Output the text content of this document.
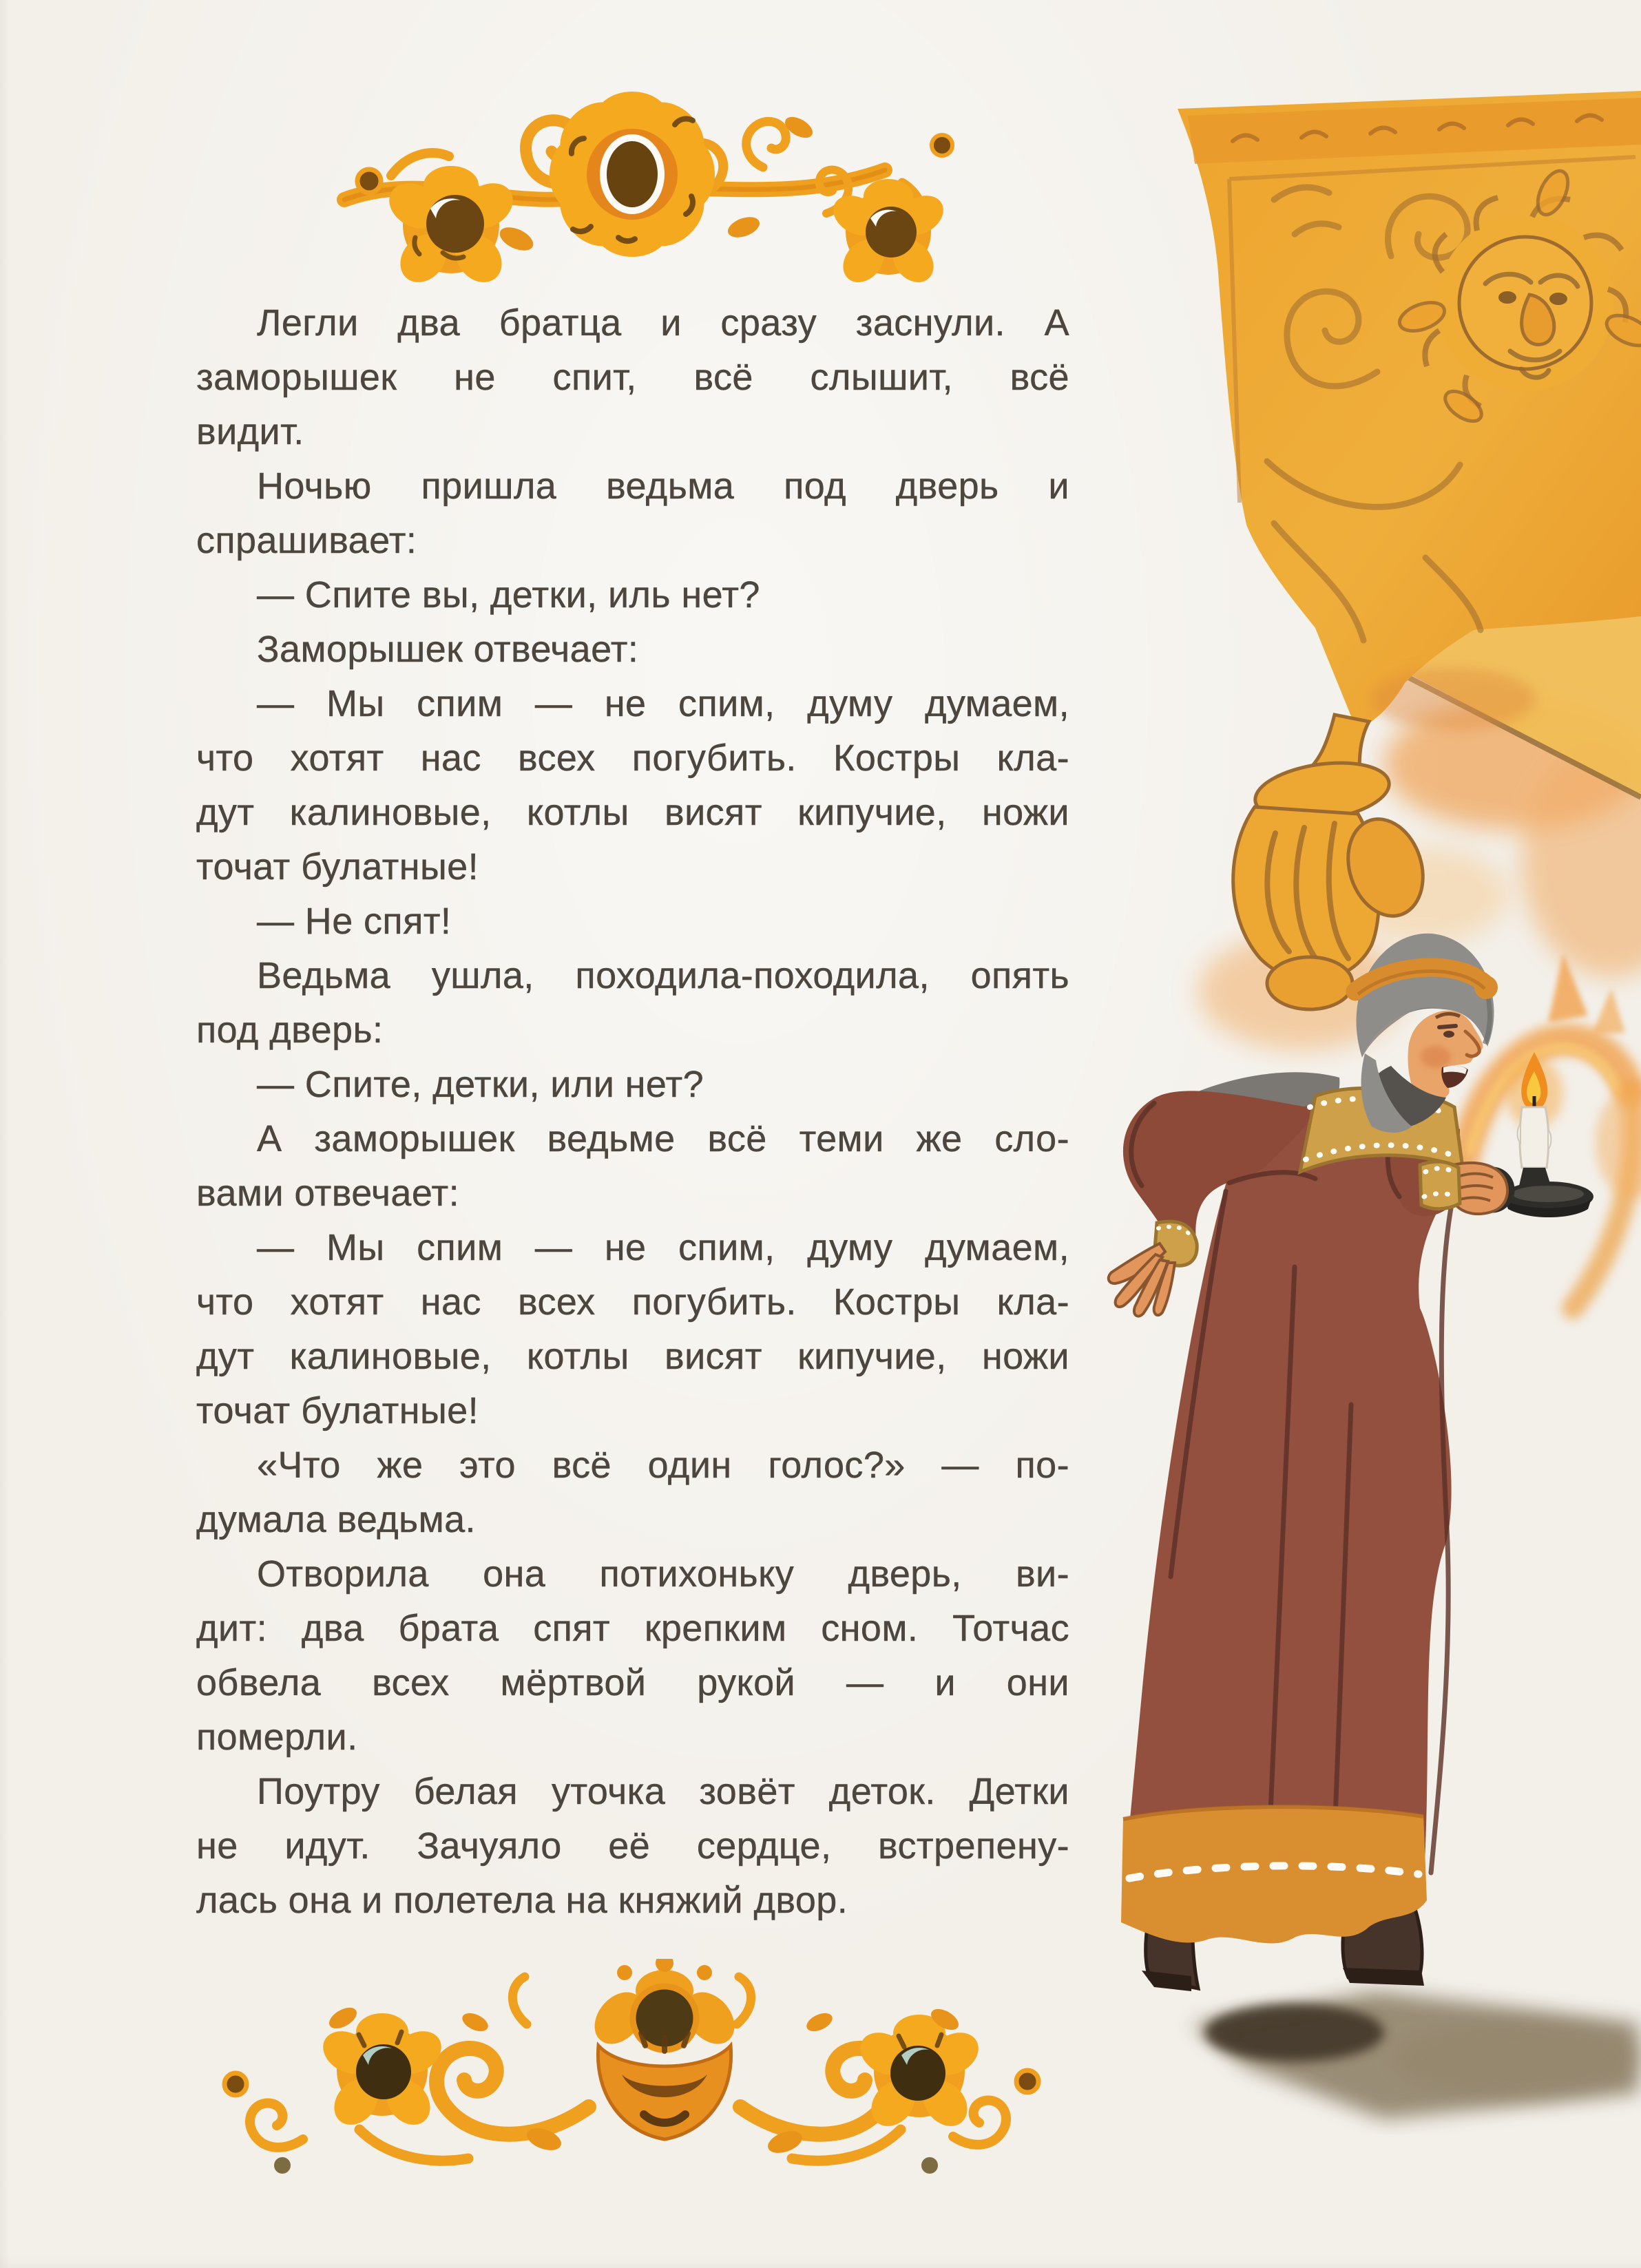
Легли два братца и сразу заснули. А
заморышек не спит, всё слышит, всё
видит.
Ночью пришла ведьма под дверь и
спрашивает:
— Спите вы, детки, иль нет?
Заморышек отвечает:
— Мы спим — не спим, думу думаем,
что хотят нас всех погубить. Костры кла-
дут калиновые, котлы висят кипучие, ножи
точат булатные!
— Не спят!
Ведьма ушла, походила-походила, опять
под дверь:
— Спите, детки, или нет?
А заморышек ведьме всё теми же сло-
вами отвечает:
— Мы спим — не спим, думу думаем,
что хотят нас всех погубить. Костры кла-
дут калиновые, котлы висят кипучие, ножи
точат булатные!
«Что же это всё один голос?» — по-
думала ведьма.
Отворила она потихоньку дверь, ви-
дит: два брата спят крепким сном. Тотчас
обвела всех мёртвой рукой — и они
померли.
Поутру белая уточка зовёт деток. Детки
не идут. Зачуяло её сердце, встрепену-
лась она и полетела на княжий двор.
